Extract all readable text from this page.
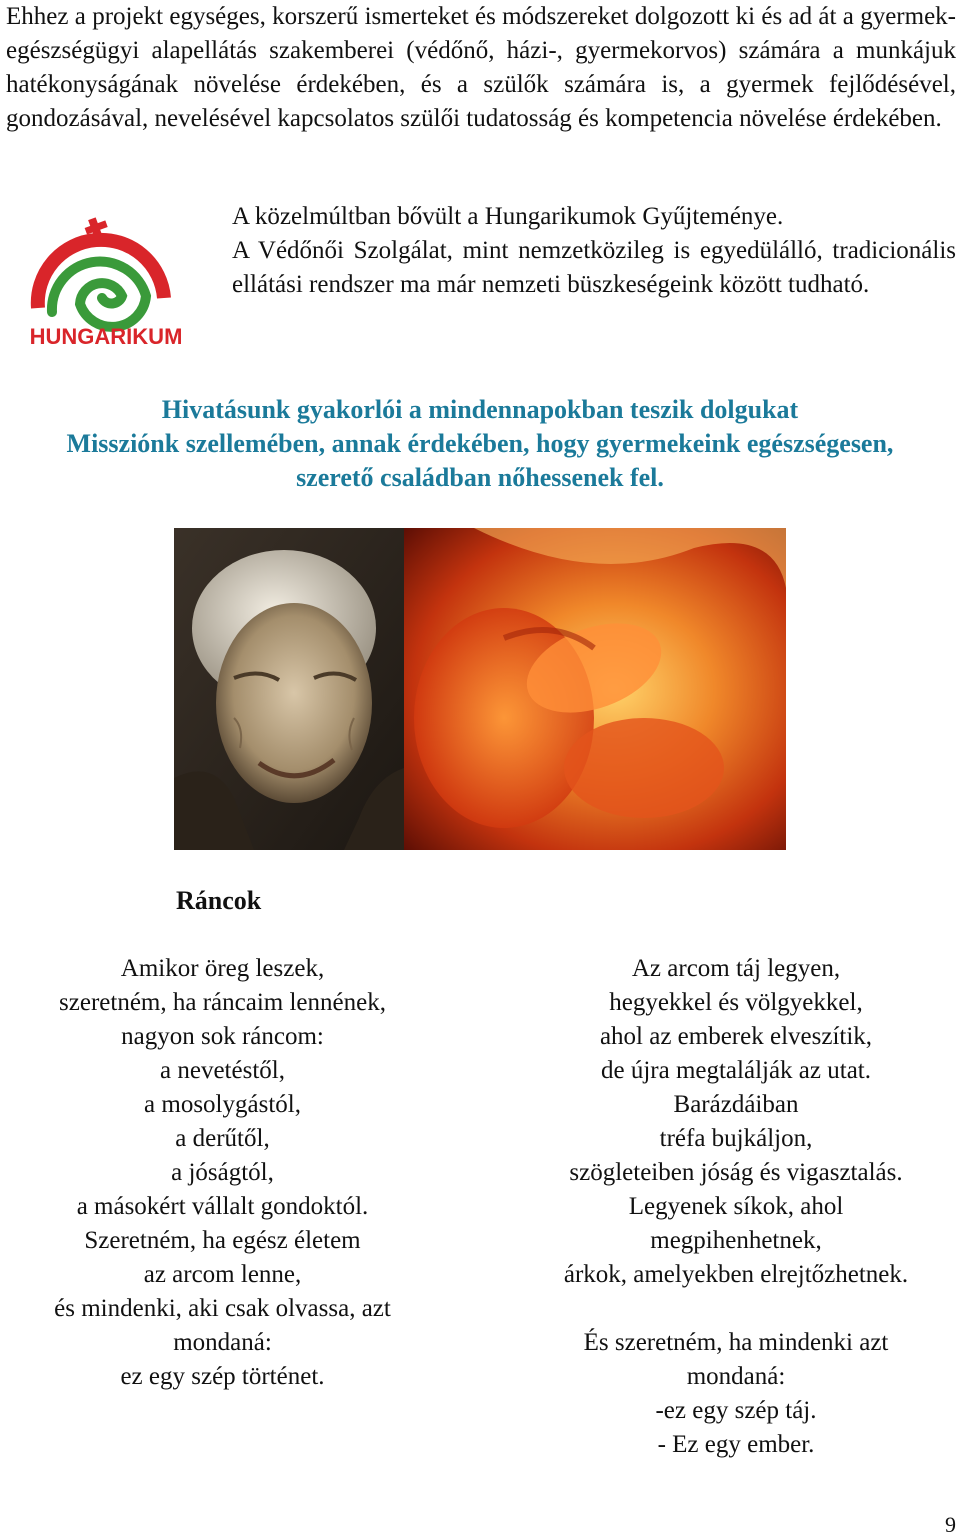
Ehhez a projekt egységes, korszerű ismerteket és módszereket dolgozott ki és ad át a gyermek-egészségügyi alapellátás szakemberei (védőnő, házi-, gyermekorvos) számára a munkájuk hatékonyságának növelése érdekében, és a szülők számára is, a gyermek fejlődésével, gondozásával, nevelésével kapcsolatos szülői tudatosság és kompetencia növelése érdekében.

HUNGARIKUM

A közelmúltban bővült a Hungarikumok Gyűjteménye.

A Védőnői Szolgálat, mint nemzetközileg is egyedülálló, tradicionális ellátási rendszer ma már nemzeti büszkeségeink között tudható.

Hivatásunk gyakorlói a mindennapokban teszik dolgukat
Missziónk szellemében, annak érdekében, hogy gyermekeink egészségesen,
szerető családban nőhessenek fel.
Ráncok
Amikor öreg leszek,
szeretném, ha ráncaim lennének,
nagyon sok ráncom:
a nevetéstől,
a mosolygástól,
a derűtől,
a jóságtól,
a másokért vállalt gondoktól.
Szeretném, ha egész életem
az arcom lenne,
és mindenki, aki csak olvassa, azt
mondaná:
ez egy szép történet.
Az arcom táj legyen,
hegyekkel és völgyekkel,
ahol az emberek elveszítik,
de újra megtalálják az utat.
Barázdáiban
tréfa bujkáljon,
szögleteiben jóság és vigasztalás.
Legyenek síkok, ahol
megpihenhetnek,
árkok, amelyekben elrejtőzhetnek.
És szeretném, ha mindenki azt
mondaná:
-ez egy szép táj.
- Ez egy ember.
9
